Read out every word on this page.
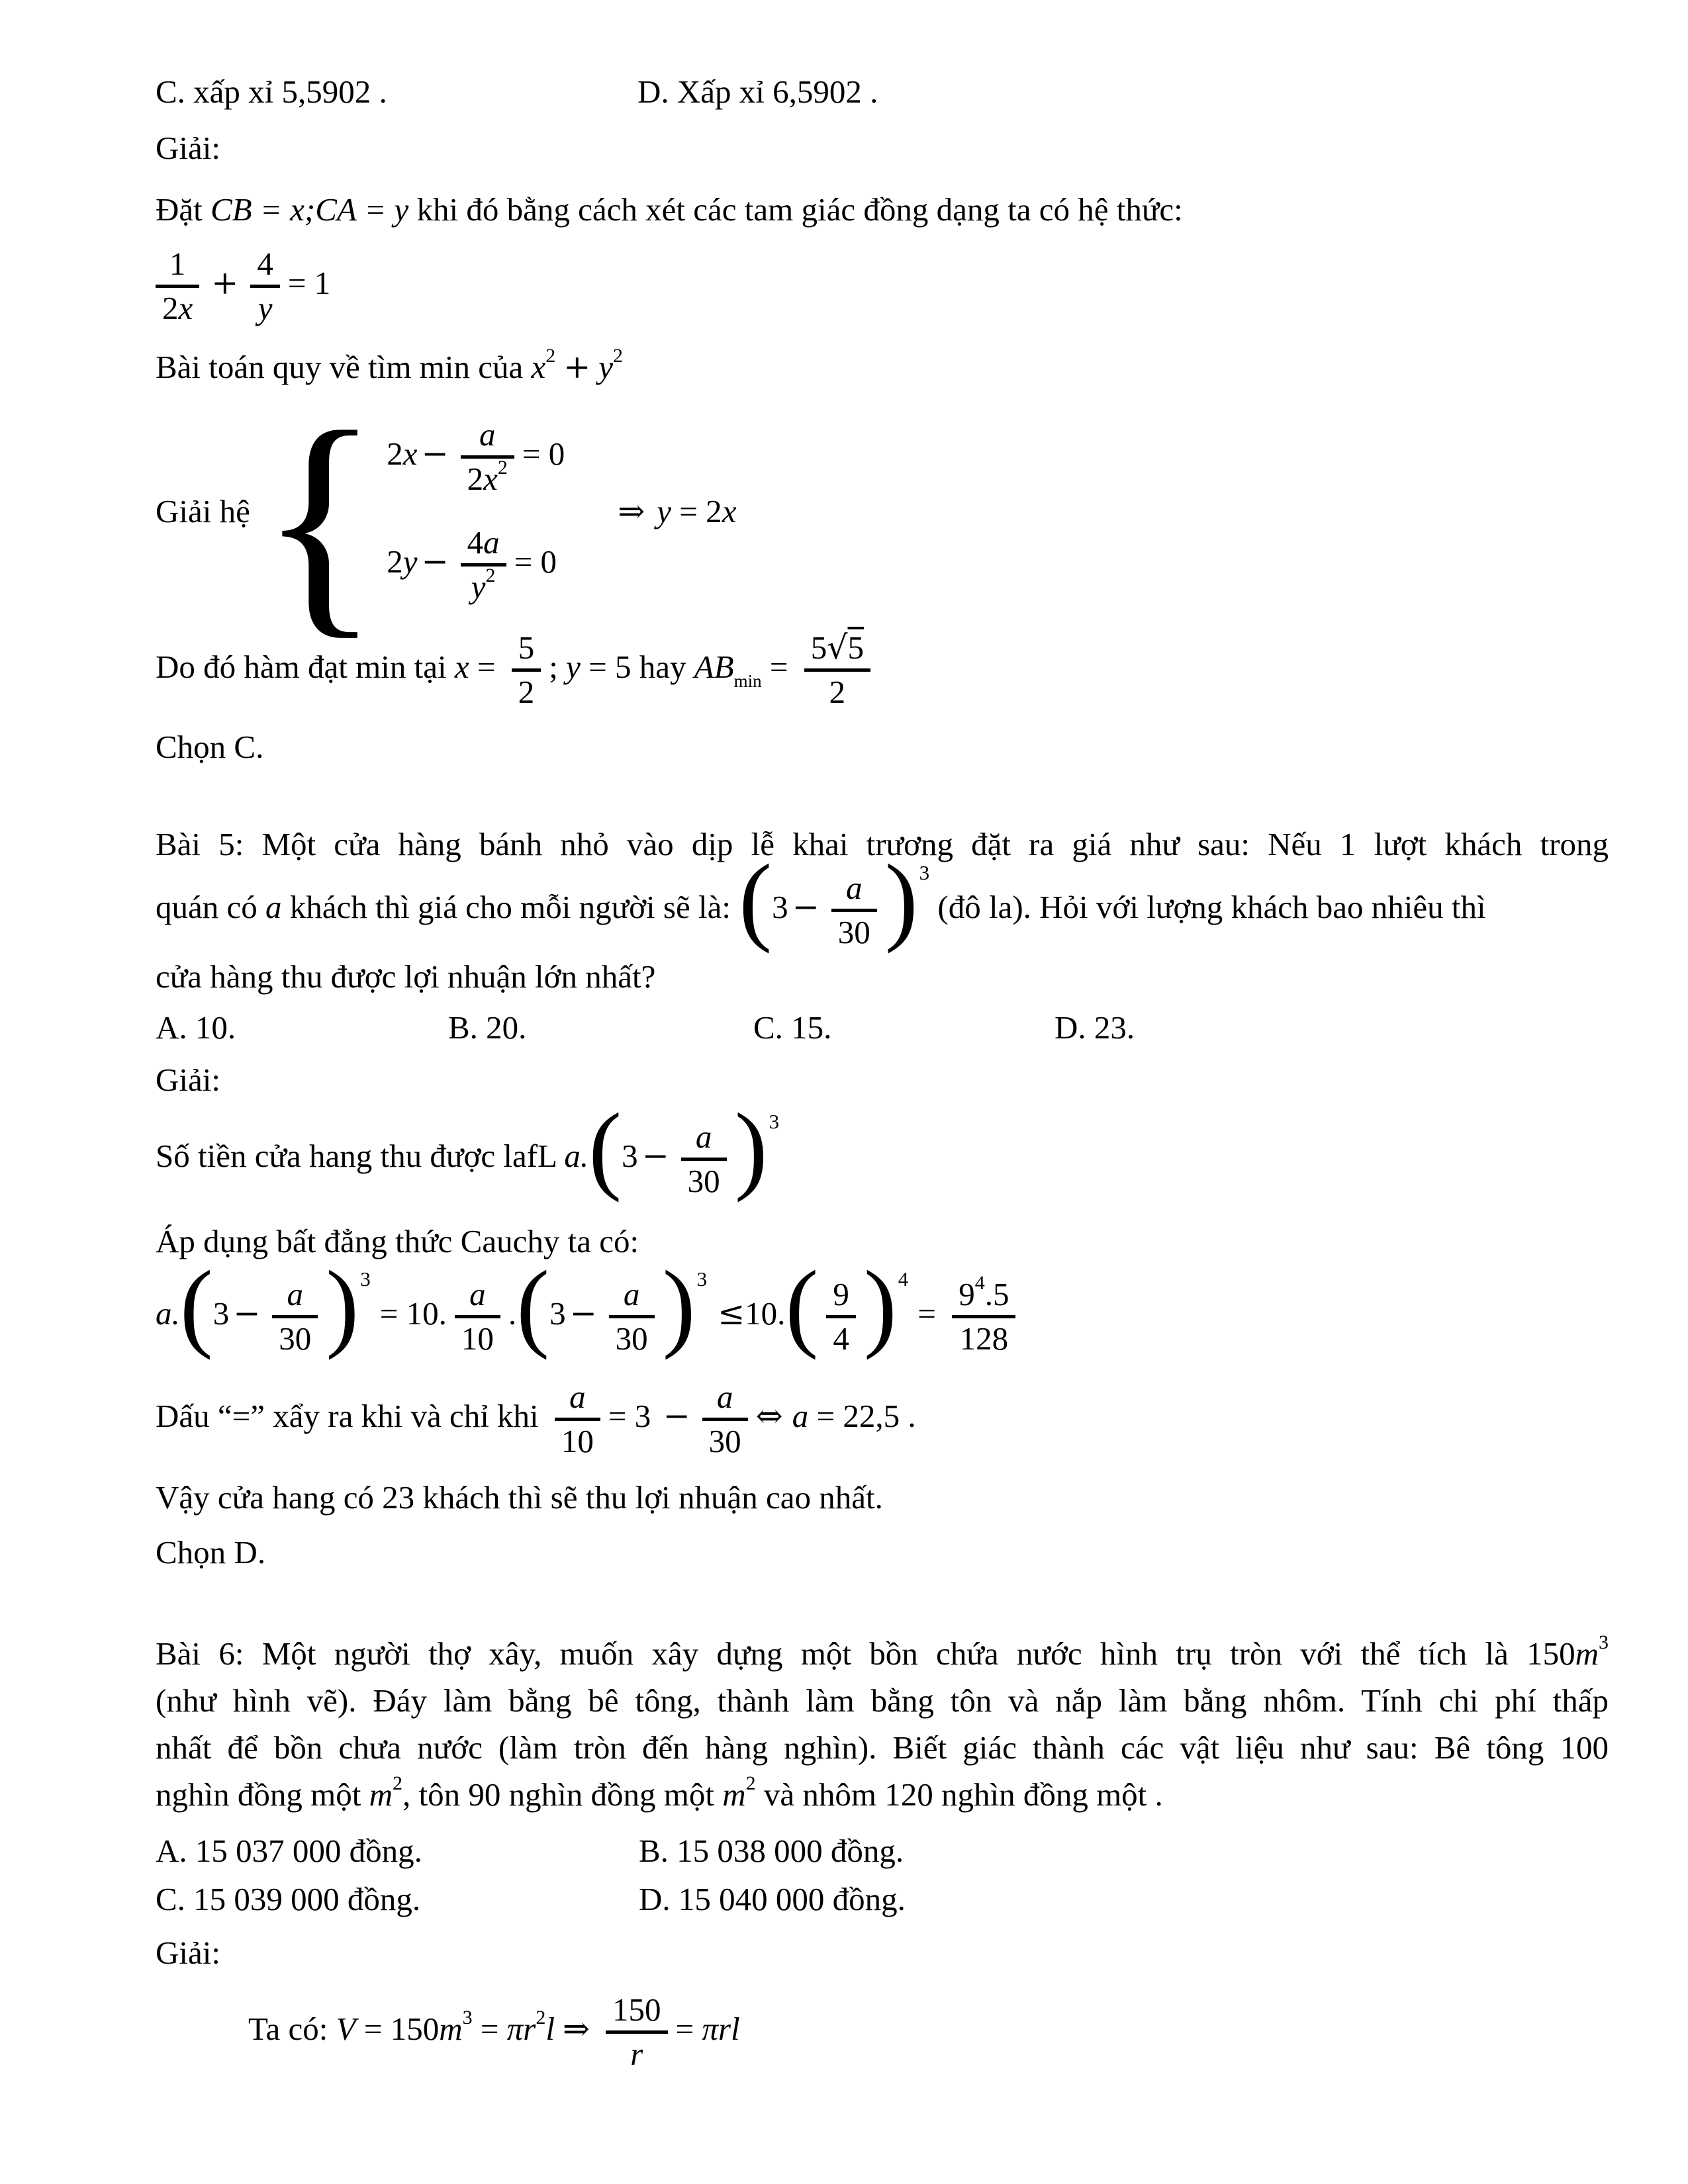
C. xấp xỉ 5,5902 .	D. Xấp xỉ 6,5902 .
Giải:
Đặt CB = x;CA = y khi đó bằng cách xét các tam giác đồng dạng ta có hệ thức:
$\frac{1}{2x} + \frac{4}{y} = 1$
Bài toán quy về tìm min của $x^2 + y^2$
Giải hệ { $2x - \frac{a}{2x^2} = 0$
$2y - \frac{4a}{y^2} = 0$
⇒ y = 2x
Do đó hàm đạt min tại $x = \frac{5}{2}$ ; y = 5 hay $AB_{min} = \frac{5√5}{2}$
Chọn C.
Bài 5: Một cửa hàng bánh nhỏ vào dịp lễ khai trương đặt ra giá như sau: Nếu 1 lượt khách trong
quán có a khách thì giá cho mỗi người sẽ là: $(3 - \frac{a}{30} )^3$ (đô la). Hỏi với lượng khách bao nhiêu thì
cửa hàng thu được lợi nhuận lớn nhất?
A. 10.	B. 20.	C. 15.	D. 23.
Giải:
Số tiền cửa hang thu được lafL $a.(3 - \frac{a}{30} )^3$
Áp dụng bất đẳng thức Cauchy ta có:
$a.(3 - \frac{a}{30} )^3= 10$. $\frac{a}{10} .(3 - \frac{a}{30} )^3\le 10.( \frac{9}{4} )^4= \frac{9^4.5}{128}$
Dấu “=” xẩy ra khi và chỉ khi $\frac{a}{10} = 3 - \frac{a}{30}$ ⇔ a = 22,5 .
Vậy cửa hang có 23 khách thì sẽ thu lợi nhuận cao nhất.
Chọn D.
Bài 6: Một người thợ xây, muốn xây dựng một bồn chứa nước hình trụ tròn với thể tích là $150m^3$
(như hình vẽ). Đáy làm bằng bê tông, thành làm bằng tôn và nắp làm bằng nhôm. Tính chi phí thấp
nhất để bồn chưa nước (làm tròn đến hàng nghìn). Biết giác thành các vật liệu như sau: Bê tông 100
nghìn đồng một $m^2$, tôn 90 nghìn đồng một $m^2$ và nhôm 120 nghìn đồng một .
A. 15 037 000 đồng.	B. 15 038 000 đồng.
C. 15 039 000 đồng.	D. 15 040 000 đồng.
Giải:
Ta có: $V = 150m^3 = \pi r^2l$ ⇒ $\frac{150}{r} = \pi rl$
